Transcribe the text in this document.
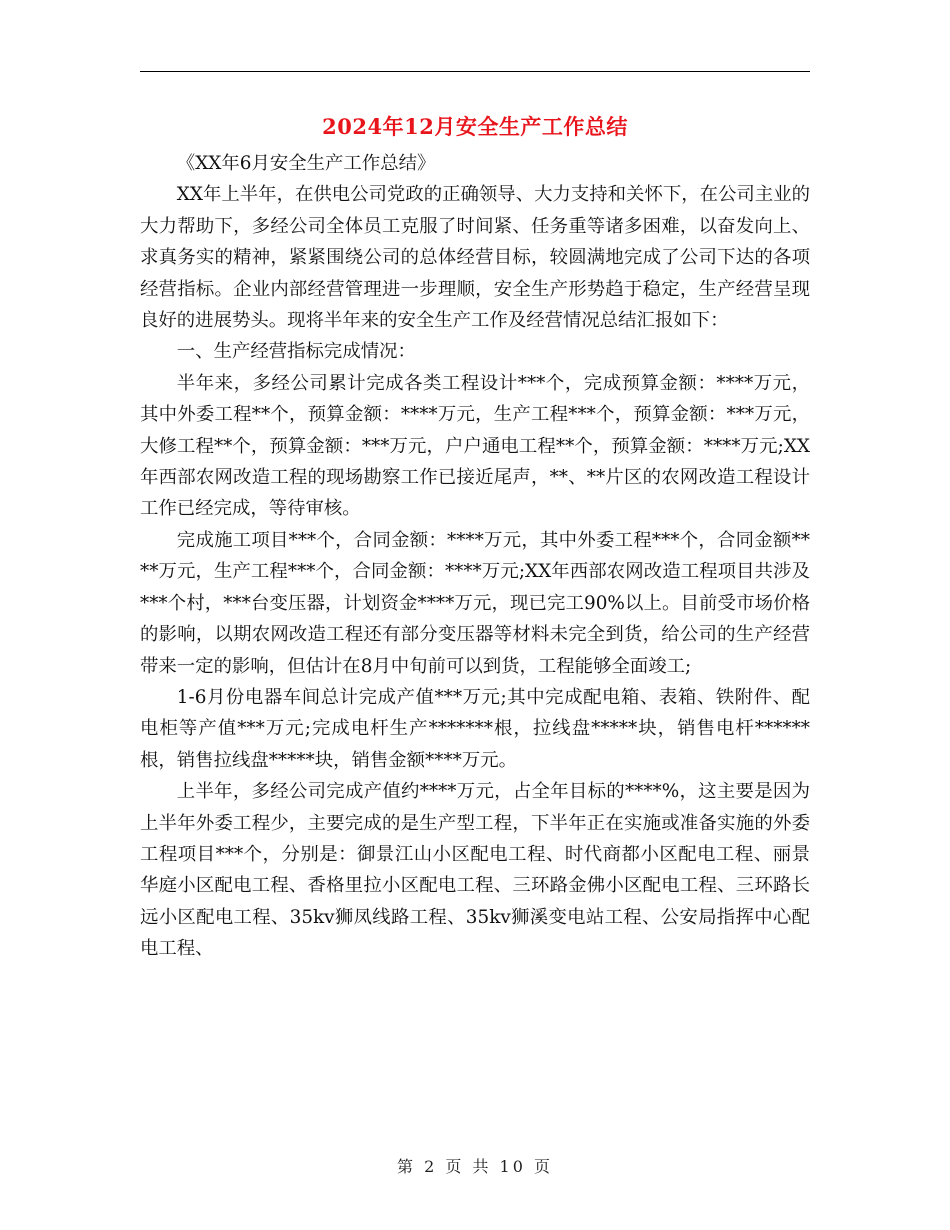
2024年12月安全生产工作总结

《XX年6月安全生产工作总结》

XX年上半年，在供电公司党政的正确领导、大力支持和关怀下，在公司主业的大力帮助下，多经公司全体员工克服了时间紧、任务重等诸多困难，以奋发向上、求真务实的精神，紧紧围绕公司的总体经营目标，较圆满地完成了公司下达的各项经营指标。企业内部经营管理进一步理顺，安全生产形势趋于稳定，生产经营呈现良好的进展势头。现将半年来的安全生产工作及经营情况总结汇报如下：

一、生产经营指标完成情况：

半年来，多经公司累计完成各类工程设计***个，完成预算金额：****万元，其中外委工程**个，预算金额：****万元，生产工程***个，预算金额：***万元，大修工程**个，预算金额：***万元，户户通电工程**个，预算金额：****万元;XX年西部农网改造工程的现场勘察工作已接近尾声，**、**片区的农网改造工程设计工作已经完成，等待审核。

完成施工项目***个，合同金额：****万元，其中外委工程***个，合同金额****万元，生产工程***个，合同金额：****万元;XX年西部农网改造工程项目共涉及***个村，***台变压器，计划资金****万元，现已完工90%以上。目前受市场价格的影响，以期农网改造工程还有部分变压器等材料未完全到货，给公司的生产经营带来一定的影响，但估计在8月中旬前可以到货，工程能够全面竣工;

1-6月份电器车间总计完成产值***万元;其中完成配电箱、表箱、铁附件、配电柜等产值***万元;完成电杆生产*******根，拉线盘*****块，销售电杆******根，销售拉线盘*****块，销售金额****万元。

上半年，多经公司完成产值约****万元，占全年目标的****%，这主要是因为上半年外委工程少，主要完成的是生产型工程，下半年正在实施或准备实施的外委工程项目***个，分别是：御景江山小区配电工程、时代商都小区配电工程、丽景华庭小区配电工程、香格里拉小区配电工程、三环路金佛小区配电工程、三环路长远小区配电工程、35kv狮凤线路工程、35kv狮溪变电站工程、公安局指挥中心配电工程、

第 2 页 共 10 页
